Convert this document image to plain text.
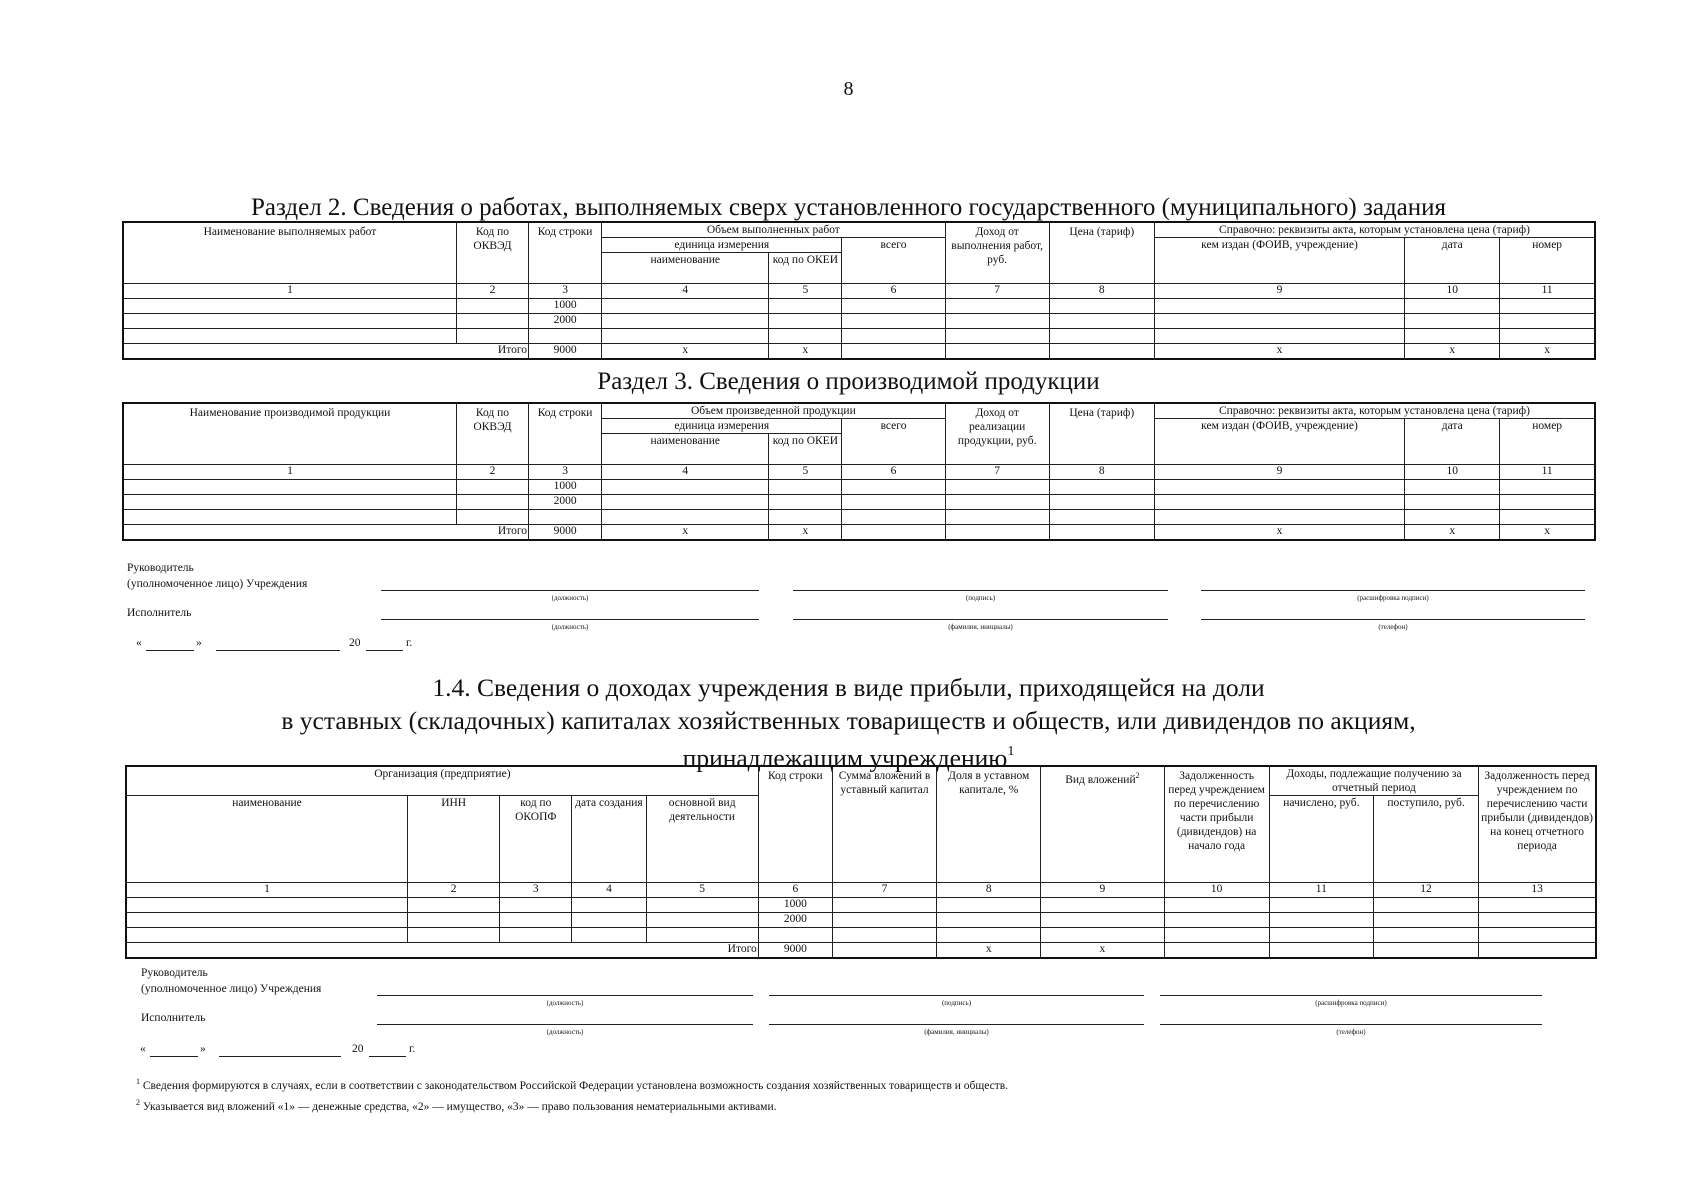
8
Раздел 2. Сведения о работах, выполняемых сверх установленного государственного (муниципального) задания
Наименование выполняемых работ	Код по ОКВЭД	Код строки	Объем выполненных работ			Доход от выполнения работ, руб.	Цена (тариф)	Справочно: реквизиты акта, которым установлена цена (тариф)		
			единица измерения		всего			кем издан (ФОИВ, учреждение)	дата	номер
			наименование	код по ОКЕИ						
1	2	3	4	5	6	7	8	9	10	11
		1000								
		2000								

Итого		9000	x	x				x	x	x
Раздел 3. Сведения о производимой продукции
Наименование производимой продукции	Код по ОКВЭД	Код строки	Объем произведенной продукции			Доход от реализации продукции, руб.	Цена (тариф)	Справочно: реквизиты акта, которым установлена цена (тариф)		
			единица измерения		всего			кем издан (ФОИВ, учреждение)	дата	номер
			наименование	код по ОКЕИ						
1	2	3	4	5	6	7	8	9	10	11
		1000								
		2000								

Итого		9000	x	x				x	x	x
Руководитель
(уполномоченное лицо) Учреждения
Исполнитель
(должность)	(подпись)	(расшифровка подписи)
(должность)	(фамилия, инициалы)	(телефон)
«	»	20	г.
1.4. Сведения о доходах учреждения в виде прибыли, приходящейся на доли
в уставных (складочных) капиталах хозяйственных товариществ и обществ, или дивидендов по акциям,
принадлежащим учреждению$^1$
Организация (предприятие)					Код строки	Сумма вложений в уставный капитал	Доля в уставном капитале, %	Вид вложений$^2$	Задолженность перед учреждением по перечислению части прибыли (дивидендов) на начало года	Доходы, подлежащие получению за отчетный период		Задолженность перед учреждением по перечислению части прибыли (дивидендов) на конец отчетного периода
наименование	ИНН	код по ОКОПФ	дата создания	основной вид деятельности						начислено, руб.	поступило, руб.	
1	2	3	4	5	6	7	8	9	10	11	12	13
					1000							
					2000							

Итого					9000		x	x				
Руководитель
(уполномоченное лицо) Учреждения
Исполнитель
(должность)	(подпись)	(расшифровка подписи)
(должность)	(фамилия, инициалы)	(телефон)
«	»	20	г.
$^1$ Сведения формируются в случаях, если в соответствии с законодательством Российской Федерации установлена возможность создания хозяйственных товариществ и обществ.
$^2$ Указывается вид вложений «1» — денежные средства, «2» — имущество, «3» — право пользования нематериальными активами.
